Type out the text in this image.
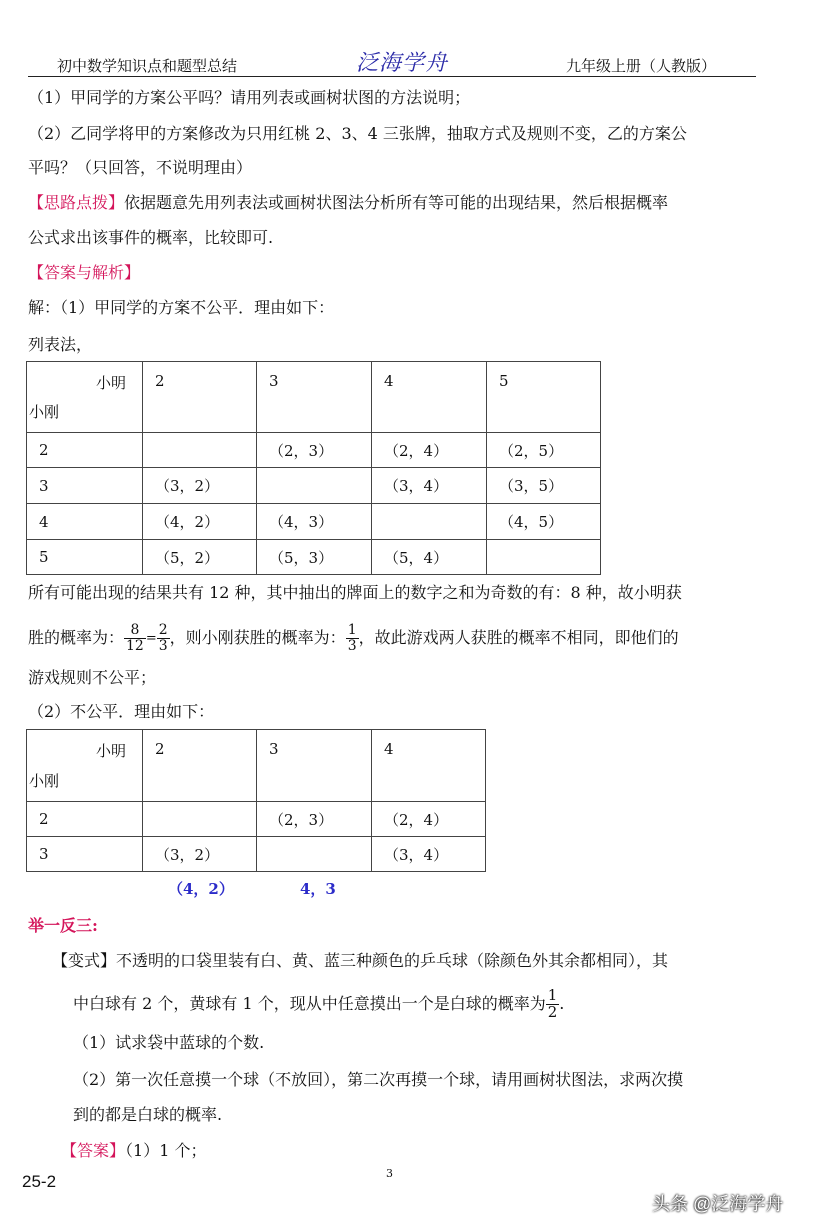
初中数学知识点和题型总结	泛海学舟	九年级上册（人教版）
（1）甲同学的方案公平吗？请用列表或画树状图的方法说明；
（2）乙同学将甲的方案修改为只用红桃 2、3、4 三张牌，抽取方式及规则不变，乙的方案公
平吗？（只回答，不说明理由）
【思路点拨】依据题意先用列表法或画树状图法分析所有等可能的出现结果，然后根据概率
公式求出该事件的概率，比较即可.
【答案与解析】
解：（1）甲同学的方案不公平．理由如下：
列表法，
小明
小刚	2	3	4	5
2		（2，3）	（2，4）	（2，5）
3	（3，2）		（3，4）	（3，5）
4	（4，2）	（4，3）		（4，5）
5	（5，2）	（5，3）	（5，4）	
所有可能出现的结果共有 12 种，其中抽出的牌面上的数字之和为奇数的有：8 种，故小明获
胜的概率为： $\frac{8}{12} = \frac{2}{3}$ ，则小刚获胜的概率为： $\frac{1}{3}$ ，故此游戏两人获胜的概率不相同，即他们的
游戏规则不公平；
（2）不公平．理由如下：
小明
小刚	2	3	4
2		（2，3）	（2，4）
3	（3，2）		（3，4）
（4，2）	4，3
举一反三:
【变式】不透明的口袋里装有白、黄、蓝三种颜色的乒乓球（除颜色外其余都相同），其
中白球有 2 个，黄球有 1 个，现从中任意摸出一个是白球的概率为 $\frac{1}{2}$ .
（1）试求袋中蓝球的个数.
（2）第一次任意摸一个球（不放回），第二次再摸一个球，请用画树状图法，求两次摸
到的都是白球的概率.
【答案】（1）1 个；
25-2	3
头条 @泛海学舟
